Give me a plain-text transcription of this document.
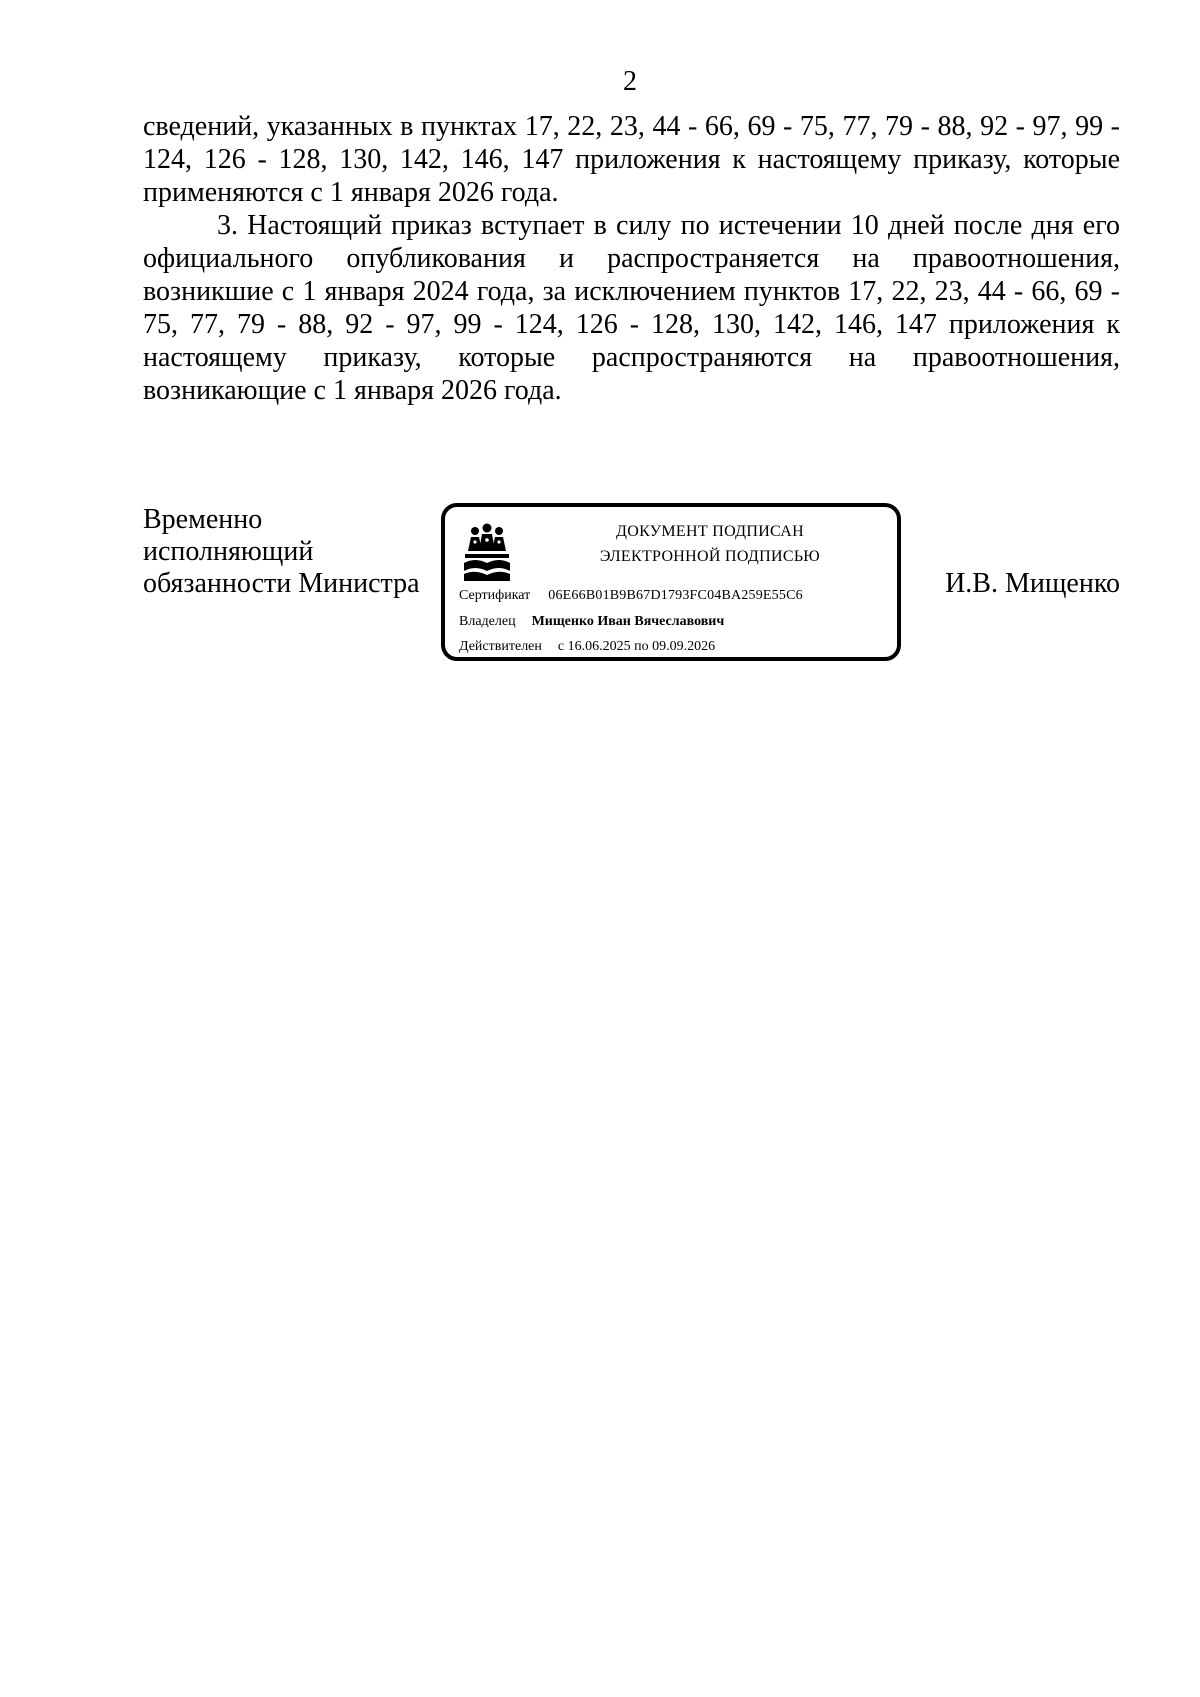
2

сведений, указанных в пунктах 17, 22, 23, 44 - 66, 69 - 75, 77, 79 - 88, 92 - 97, 99 - 124, 126 - 128, 130, 142, 146, 147 приложения к настоящему приказу, которые применяются с 1 января 2026 года.

3. Настоящий приказ вступает в силу по истечении 10 дней после дня его официального опубликования и распространяется на правоотношения, возникшие с 1 января 2024 года, за исключением пунктов 17, 22, 23, 44 - 66, 69 - 75, 77, 79 - 88, 92 - 97, 99 - 124, 126 - 128, 130, 142, 146, 147 приложения к настоящему приказу, которые распространяются на правоотношения, возникающие с 1 января 2026 года.

Временно
исполняющий
обязанности Министра
ДОКУМЕНТ ПОДПИСАН
ЭЛЕКТРОННОЙ ПОДПИСЬЮ
Сертификат 06E66B01B9B67D1793FC04BA259E55C6
Владелец Мищенко Иван Вячеславович
Действителен с 16.06.2025 по 09.09.2026
И.В. Мищенко
